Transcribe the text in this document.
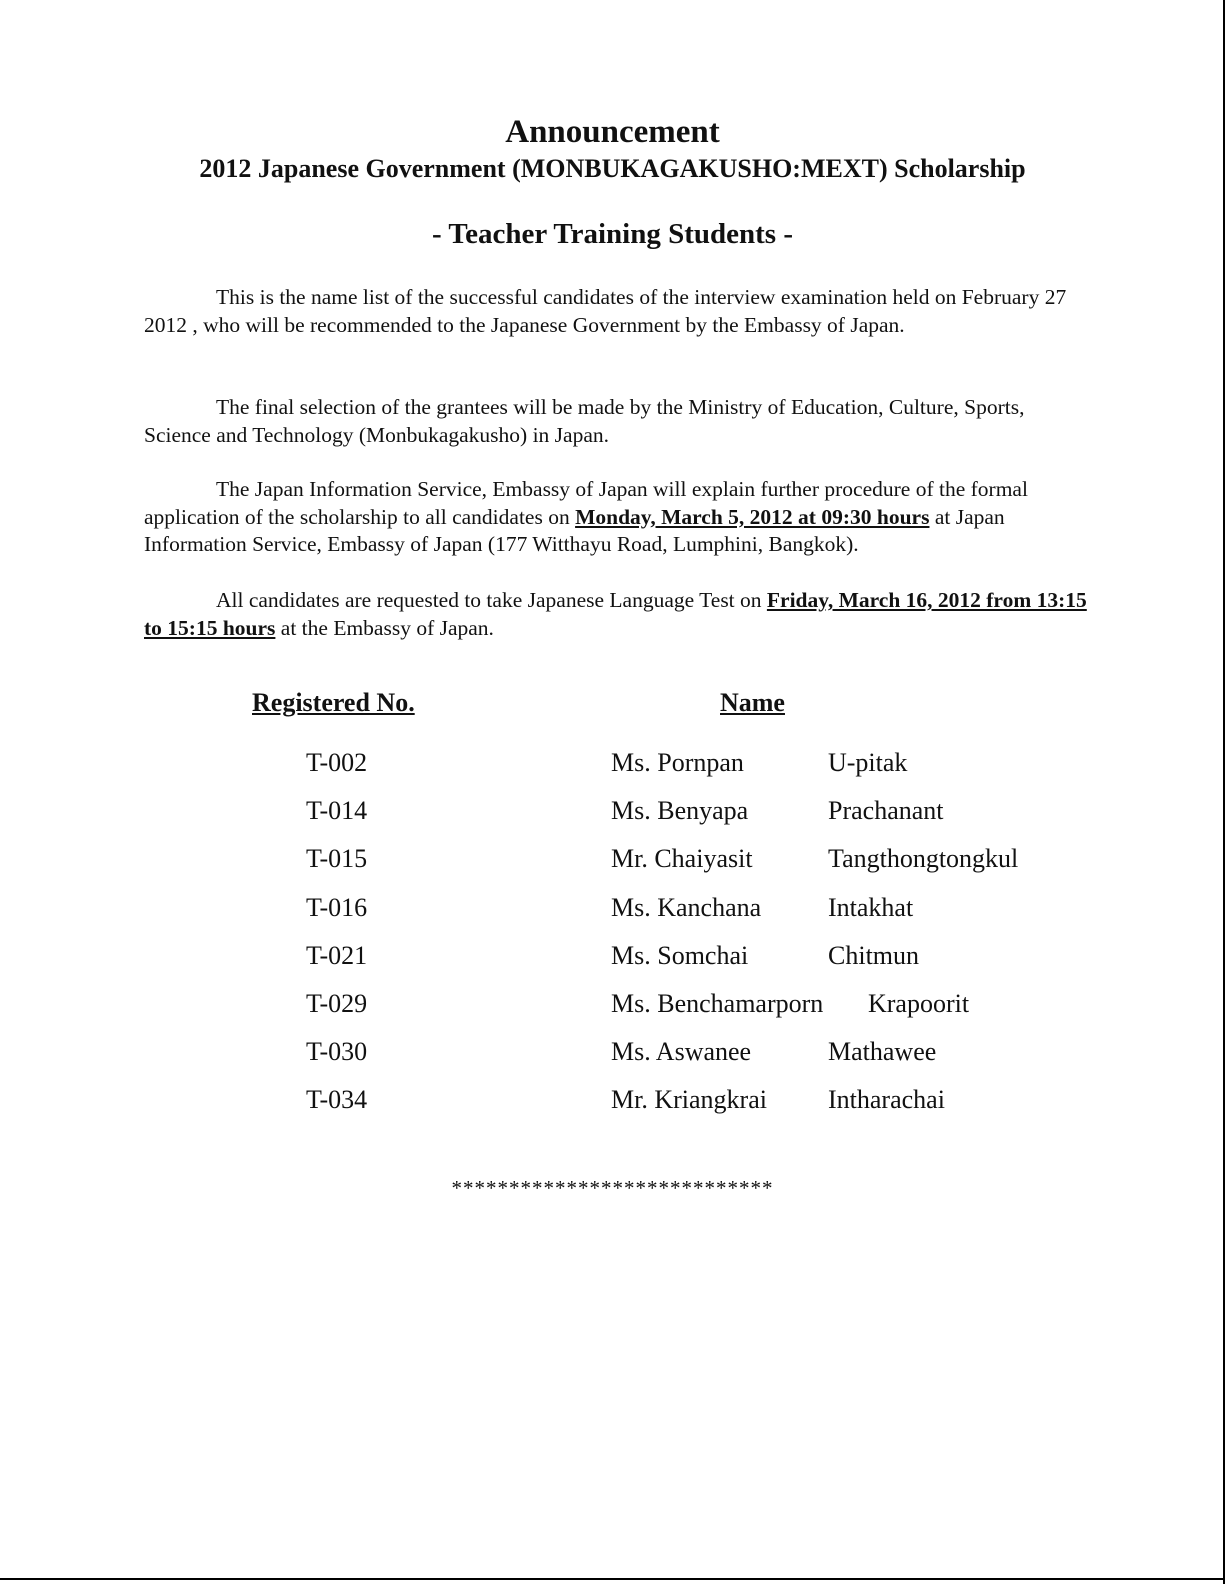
Announcement
2012 Japanese Government (MONBUKAGAKUSHO:MEXT) Scholarship
- Teacher Training Students -
This is the name list of the successful candidates of the interview examination held on February 27 2012 , who will be recommended to the Japanese Government by the Embassy of Japan.
The final selection of the grantees will be made by the Ministry of Education, Culture, Sports, Science and Technology (Monbukagakusho) in Japan.
The Japan Information Service, Embassy of Japan will explain further procedure of the formal application of the scholarship to all candidates on Monday, March 5, 2012 at 09:30 hours at Japan Information Service, Embassy of Japan (177 Witthayu Road, Lumphini, Bangkok).
All candidates are requested to take Japanese Language Test on Friday, March 16, 2012 from 13:15 to 15:15 hours at the Embassy of Japan.
Registered No.	Name
T-002	Ms. Pornpan	U-pitak
T-014	Ms. Benyapa	Prachanant
T-015	Mr. Chaiyasit	Tangthongtongkul
T-016	Ms. Kanchana	Intakhat
T-021	Ms. Somchai	Chitmun
T-029	Ms. Benchamarporn Krapoorit
T-030	Ms. Aswanee	Mathawee
T-034	Mr. Kriangkrai Intharachai
****************************
